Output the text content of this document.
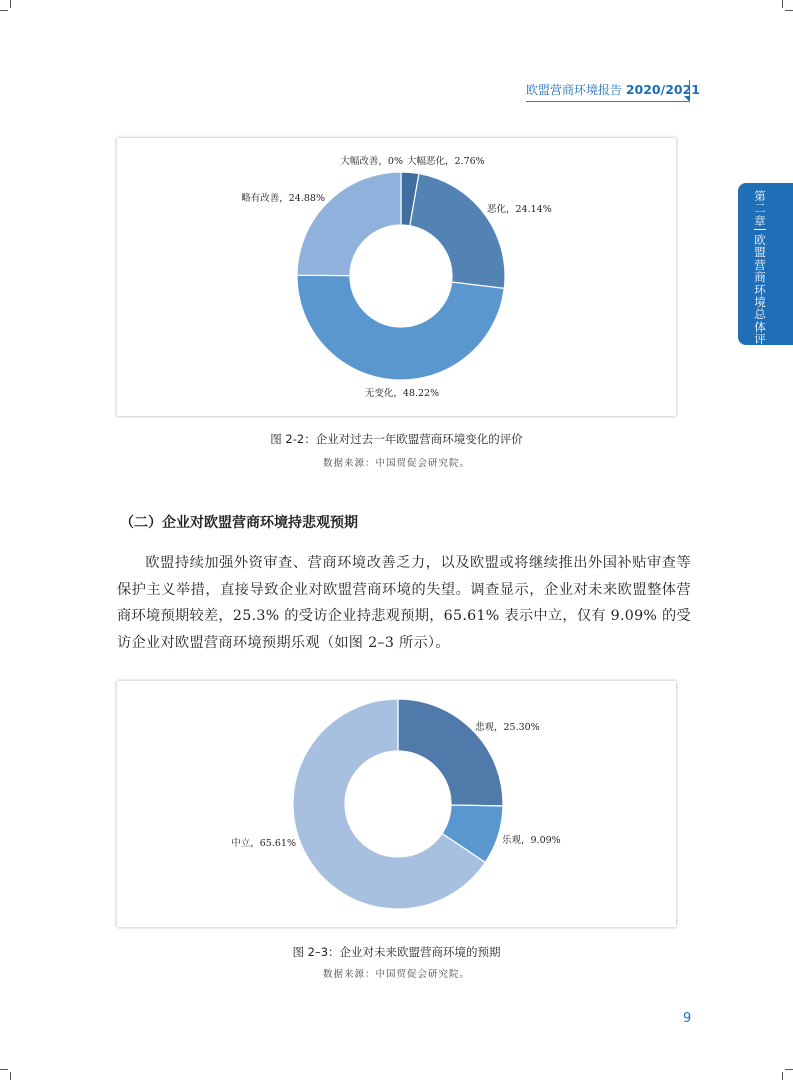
欧盟营商环境报告 2020/2021
第二章
欧盟营商环境总体评价
大幅改善，0% 大幅恶化，2.76%
恶化，24.14%
无变化，48.22%
略有改善，24.88%
图 2-2：企业对过去一年欧盟营商环境变化的评价
数据来源：中国贸促会研究院。
（二）企业对欧盟营商环境持悲观预期
欧盟持续加强外资审查、营商环境改善乏力，以及欧盟或将继续推出外国补贴审查等保护主义举措，直接导致企业对欧盟营商环境的失望。调查显示，企业对未来欧盟整体营商环境预期较差，25.3% 的受访企业持悲观预期，65.61% 表示中立，仅有 9.09% 的受访企业对欧盟营商环境预期乐观（如图 2–3 所示）。
悲观，25.30%
乐观，9.09%
中立，65.61%
图 2–3：企业对未来欧盟营商环境的预期
数据来源：中国贸促会研究院。
9
